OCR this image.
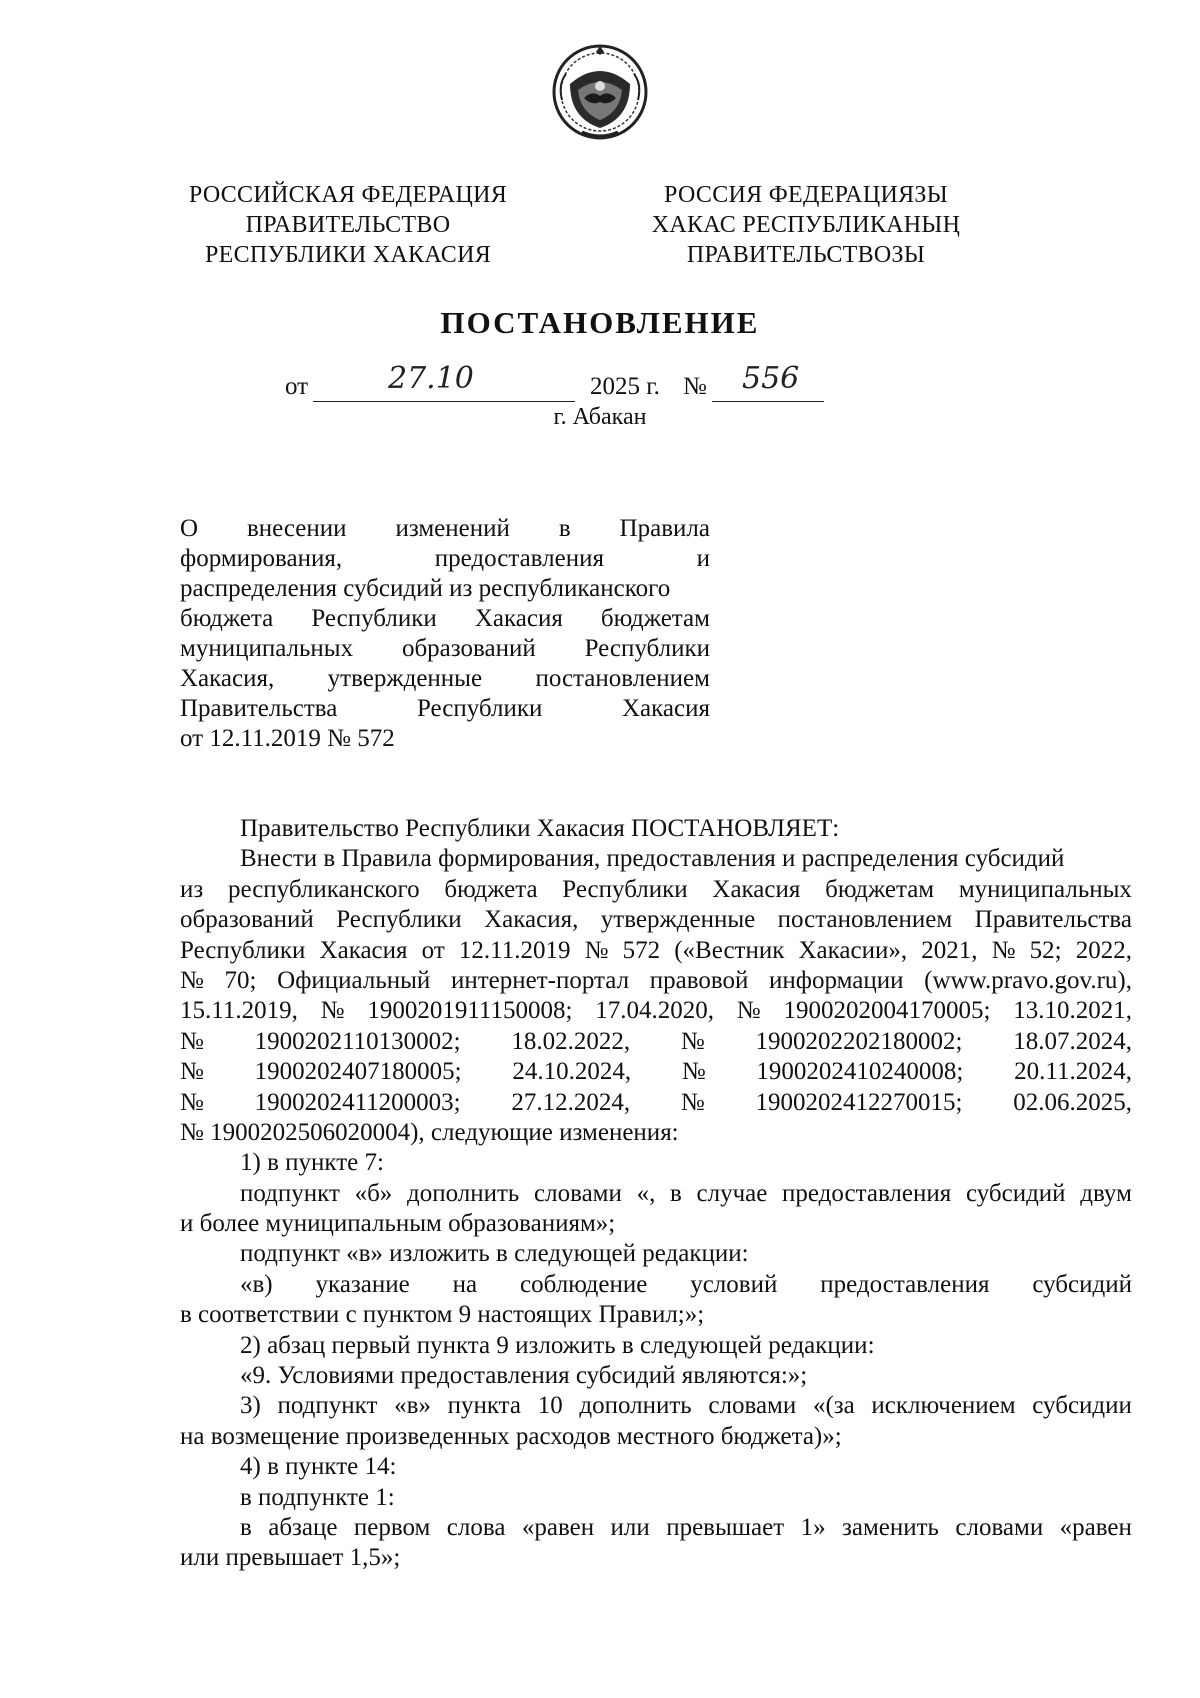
РОССИЙСКАЯ ФЕДЕРАЦИЯ
ПРАВИТЕЛЬСТВО
РЕСПУБЛИКИ ХАКАСИЯ
РОССИЯ ФЕДЕРАЦИЯЗЫ
ХАКАС РЕСПУБЛИКАНЫҢ
ПРАВИТЕЛЬСТВОЗЫ
ПОСТАНОВЛЕНИЕ
от	27.10	2025 г. № 556
г. Абакан
О внесении изменений в Правила
формирования,	предоставления	и
распределения субсидий из республиканского
бюджета Республики Хакасия бюджетам
муниципальных образований Республики
Хакасия, утвержденные постановлением
Правительства	Республики	Хакасия
от 12.11.2019 № 572
Правительство Республики Хакасия ПОСТАНОВЛЯЕТ:
Внести в Правила формирования, предоставления и распределения субсидий
из республиканского бюджета Республики Хакасия бюджетам муниципальных
образований Республики Хакасия, утвержденные постановлением Правительства
Республики Хакасия от 12.11.2019 № 572 («Вестник Хакасии», 2021, № 52; 2022,
№ 70; Официальный интернет-портал правовой информации (www.pravo.gov.ru),
15.11.2019, № 1900201911150008; 17.04.2020, № 1900202004170005; 13.10.2021,
№ 1900202110130002; 18.02.2022, № 1900202202180002; 18.07.2024,
№ 1900202407180005; 24.10.2024, № 1900202410240008; 20.11.2024,
№ 1900202411200003; 27.12.2024, № 1900202412270015; 02.06.2025,
№ 1900202506020004), следующие изменения:
1) в пункте 7:
подпункт «б» дополнить словами «, в случае предоставления субсидий двум
и более муниципальным образованиям»;
подпункт «в» изложить в следующей редакции:
«в) указание на соблюдение условий предоставления субсидий
в соответствии с пунктом 9 настоящих Правил;»;
2) абзац первый пункта 9 изложить в следующей редакции:
«9. Условиями предоставления субсидий являются:»;
3) подпункт «в» пункта 10 дополнить словами «(за исключением субсидии
на возмещение произведенных расходов местного бюджета)»;
4) в пункте 14:
в подпункте 1:
в абзаце первом слова «равен или превышает 1» заменить словами «равен
или превышает 1,5»;
